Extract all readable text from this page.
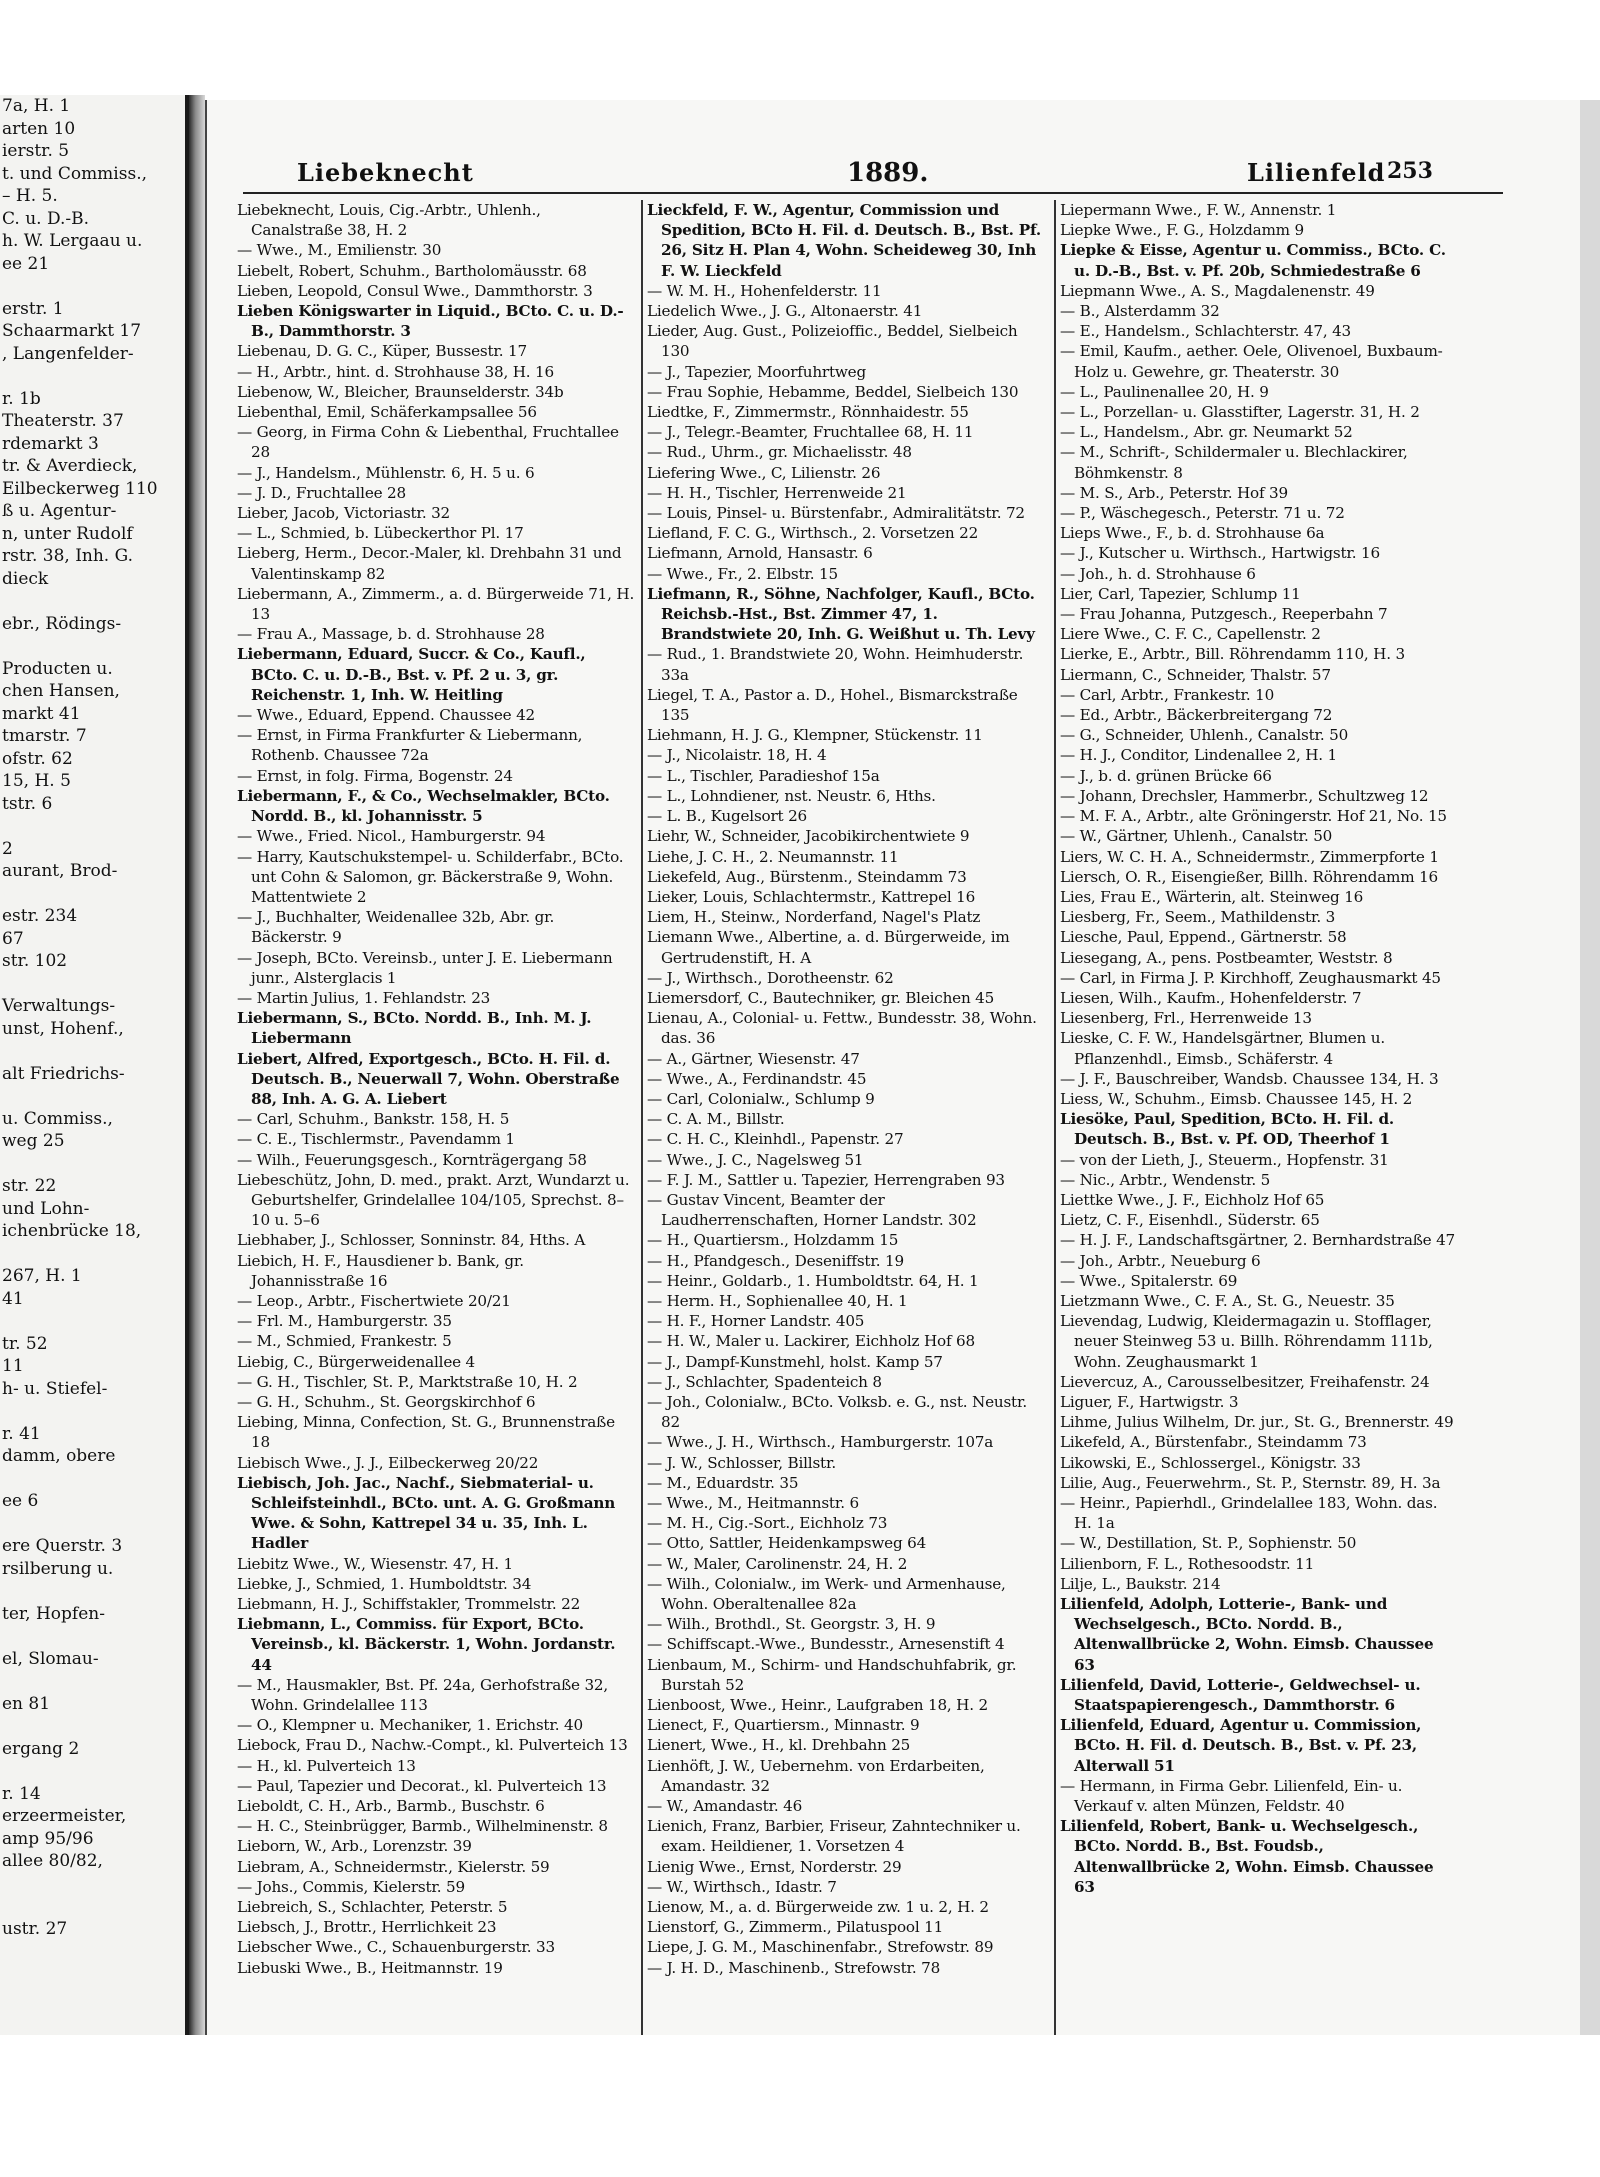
7a, H. 1
arten 10
ierstr. 5
t. und Commiss.,
– H. 5.
C. u. D.-B.
h. W. Lergaau u.
ee 21

erstr. 1
Schaarmarkt 17
, Langenfelder-

r. 1b
Theaterstr. 37
rdemarkt 3
tr. & Averdieck,
Eilbeckerweg 110
ß u. Agentur-
n, unter Rudolf
rstr. 38, Inh. G.
dieck

ebr., Rödings-

Producten u.
chen Hansen,
markt 41
tmarstr. 7
ofstr. 62
15, H. 5
tstr. 6

2
aurant, Brod-

estr. 234
67
str. 102

Verwaltungs-
unst, Hohenf.,

alt Friedrichs-

u. Commiss.,
weg 25

str. 22
und Lohn-
ichenbrücke 18,

267, H. 1
41

tr. 52
11
h- u. Stiefel-

r. 41
damm, obere

ee 6

ere Querstr. 3
rsilberung u.

ter, Hopfen-

el, Slomau-

en 81

ergang 2

r. 14
erzeermeister,
amp 95/96
allee 80/82,

ustr. 27
Liebeknecht	1889.	Lilienfeld 253

Liebeknecht, Louis, Cig.-Arbtr., Uhlenh., Canalstraße 38, H. 2

— Wwe., M., Emilienstr. 30

Liebelt, Robert, Schuhm., Bartholomäusstr. 68

Lieben, Leopold, Consul Wwe., Dammthorstr. 3

Lieben Königswarter in Liquid., BCto. C. u. D.-B., Dammthorstr. 3

Liebenau, D. G. C., Küper, Bussestr. 17

— H., Arbtr., hint. d. Strohhause 38, H. 16

Liebenow, W., Bleicher, Braunselderstr. 34b

Liebenthal, Emil, Schäferkampsallee 56

— Georg, in Firma Cohn & Liebenthal, Fruchtallee 28

— J., Handelsm., Mühlenstr. 6, H. 5 u. 6

— J. D., Fruchtallee 28

Lieber, Jacob, Victoriastr. 32

— L., Schmied, b. Lübeckerthor Pl. 17

Lieberg, Herm., Decor.-Maler, kl. Drehbahn 31 und Valentinskamp 82

Liebermann, A., Zimmerm., a. d. Bürgerweide 71, H. 13

— Frau A., Massage, b. d. Strohhause 28

Liebermann, Eduard, Succr. & Co., Kaufl., BCto. C. u. D.-B., Bst. v. Pf. 2 u. 3, gr. Reichenstr. 1, Inh. W. Heitling

— Wwe., Eduard, Eppend. Chaussee 42

— Ernst, in Firma Frankfurter & Liebermann, Rothenb. Chaussee 72a

— Ernst, in folg. Firma, Bogenstr. 24

Liebermann, F., & Co., Wechselmakler, BCto. Nordd. B., kl. Johannisstr. 5

— Wwe., Fried. Nicol., Hamburgerstr. 94

— Harry, Kautschukstempel- u. Schilderfabr., BCto. unt Cohn & Salomon, gr. Bäckerstraße 9, Wohn. Mattentwiete 2

— J., Buchhalter, Weidenallee 32b, Abr. gr. Bäckerstr. 9

— Joseph, BCto. Vereinsb., unter J. E. Liebermann junr., Alsterglacis 1

— Martin Julius, 1. Fehlandstr. 23

Liebermann, S., BCto. Nordd. B., Inh. M. J. Liebermann

Liebert, Alfred, Exportgesch., BCto. H. Fil. d. Deutsch. B., Neuerwall 7, Wohn. Oberstraße 88, Inh. A. G. A. Liebert

— Carl, Schuhm., Bankstr. 158, H. 5

— C. E., Tischlermstr., Pavendamm 1

— Wilh., Feuerungsgesch., Kornträgergang 58

Liebeschütz, John, D. med., prakt. Arzt, Wundarzt u. Geburtshelfer, Grindelallee 104/105, Sprechst. 8–10 u. 5–6

Liebhaber, J., Schlosser, Sonninstr. 84, Hths. A

Liebich, H. F., Hausdiener b. Bank, gr. Johannisstraße 16

— Leop., Arbtr., Fischertwiete 20/21

— Frl. M., Hamburgerstr. 35

— M., Schmied, Frankestr. 5

Liebig, C., Bürgerweidenallee 4

— G. H., Tischler, St. P., Marktstraße 10, H. 2

— G. H., Schuhm., St. Georgskirchhof 6

Liebing, Minna, Confection, St. G., Brunnenstraße 18

Liebisch Wwe., J. J., Eilbeckerweg 20/22

Liebisch, Joh. Jac., Nachf., Siebmaterial- u. Schleifsteinhdl., BCto. unt. A. G. Großmann Wwe. & Sohn, Kattrepel 34 u. 35, Inh. L. Hadler

Liebitz Wwe., W., Wiesenstr. 47, H. 1

Liebke, J., Schmied, 1. Humboldtstr. 34

Liebmann, H. J., Schiffstakler, Trommelstr. 22

Liebmann, L., Commiss. für Export, BCto. Vereinsb., kl. Bäckerstr. 1, Wohn. Jordanstr. 44

— M., Hausmakler, Bst. Pf. 24a, Gerhofstraße 32, Wohn. Grindelallee 113

— O., Klempner u. Mechaniker, 1. Erichstr. 40

Liebock, Frau D., Nachw.-Compt., kl. Pulverteich 13

— H., kl. Pulverteich 13

— Paul, Tapezier und Decorat., kl. Pulverteich 13

Lieboldt, C. H., Arb., Barmb., Buschstr. 6

— H. C., Steinbrügger, Barmb., Wilhelminenstr. 8

Lieborn, W., Arb., Lorenzstr. 39

Liebram, A., Schneidermstr., Kielerstr. 59

— Johs., Commis, Kielerstr. 59

Liebreich, S., Schlachter, Peterstr. 5

Liebsch, J., Brottr., Herrlichkeit 23

Liebscher Wwe., C., Schauenburgerstr. 33

Liebuski Wwe., B., Heitmannstr. 19

Lieckfeld, F. W., Agentur, Commission und Spedition, BCto H. Fil. d. Deutsch. B., Bst. Pf. 26, Sitz H. Plan 4, Wohn. Scheideweg 30, Inh F. W. Lieckfeld

— W. M. H., Hohenfelderstr. 11

Liedelich Wwe., J. G., Altonaerstr. 41

Lieder, Aug. Gust., Polizeioffic., Beddel, Sielbeich 130

— J., Tapezier, Moorfuhrtweg

— Frau Sophie, Hebamme, Beddel, Sielbeich 130

Liedtke, F., Zimmermstr., Rönnhaidestr. 55

— J., Telegr.-Beamter, Fruchtallee 68, H. 11

— Rud., Uhrm., gr. Michaelisstr. 48

Liefering Wwe., C, Lilienstr. 26

— H. H., Tischler, Herrenweide 21

— Louis, Pinsel- u. Bürstenfabr., Admiralitätstr. 72

Liefland, F. C. G., Wirthsch., 2. Vorsetzen 22

Liefmann, Arnold, Hansastr. 6

— Wwe., Fr., 2. Elbstr. 15

Liefmann, R., Söhne, Nachfolger, Kaufl., BCto. Reichsb.-Hst., Bst. Zimmer 47, 1. Brandstwiete 20, Inh. G. Weißhut u. Th. Levy

— Rud., 1. Brandstwiete 20, Wohn. Heimhuderstr. 33a

Liegel, T. A., Pastor a. D., Hohel., Bismarckstraße 135

Liehmann, H. J. G., Klempner, Stückenstr. 11

— J., Nicolaistr. 18, H. 4

— L., Tischler, Paradieshof 15a

— L., Lohndiener, nst. Neustr. 6, Hths.

— L. B., Kugelsort 26

Liehr, W., Schneider, Jacobikirchentwiete 9

Liehe, J. C. H., 2. Neumannstr. 11

Liekefeld, Aug., Bürstenm., Steindamm 73

Lieker, Louis, Schlachtermstr., Kattrepel 16

Liem, H., Steinw., Norderfand, Nagel's Platz

Liemann Wwe., Albertine, a. d. Bürgerweide, im Gertrudenstift, H. A

— J., Wirthsch., Dorotheenstr. 62

Liemersdorf, C., Bautechniker, gr. Bleichen 45

Lienau, A., Colonial- u. Fettw., Bundesstr. 38, Wohn. das. 36

— A., Gärtner, Wiesenstr. 47

— Wwe., A., Ferdinandstr. 45

— Carl, Colonialw., Schlump 9

— C. A. M., Billstr.

— C. H. C., Kleinhdl., Papenstr. 27

— Wwe., J. C., Nagelsweg 51

— F. J. M., Sattler u. Tapezier, Herrengraben 93

— Gustav Vincent, Beamter der Laudherrenschaften, Horner Landstr. 302

— H., Quartiersm., Holzdamm 15

— H., Pfandgesch., Deseniffstr. 19

— Heinr., Goldarb., 1. Humboldtstr. 64, H. 1

— Herm. H., Sophienallee 40, H. 1

— H. F., Horner Landstr. 405

— H. W., Maler u. Lackirer, Eichholz Hof 68

— J., Dampf-Kunstmehl, holst. Kamp 57

— J., Schlachter, Spadenteich 8

— Joh., Colonialw., BCto. Volksb. e. G., nst. Neustr. 82

— Wwe., J. H., Wirthsch., Hamburgerstr. 107a

— J. W., Schlosser, Billstr.

— M., Eduardstr. 35

— Wwe., M., Heitmannstr. 6

— M. H., Cig.-Sort., Eichholz 73

— Otto, Sattler, Heidenkampsweg 64

— W., Maler, Carolinenstr. 24, H. 2

— Wilh., Colonialw., im Werk- und Armenhause, Wohn. Oberaltenallee 82a

— Wilh., Brothdl., St. Georgstr. 3, H. 9

— Schiffscapt.-Wwe., Bundesstr., Arnesenstift 4

Lienbaum, M., Schirm- und Handschuhfabrik, gr. Burstah 52

Lienboost, Wwe., Heinr., Laufgraben 18, H. 2

Lienect, F., Quartiersm., Minnastr. 9

Lienert, Wwe., H., kl. Drehbahn 25

Lienhöft, J. W., Uebernehm. von Erdarbeiten, Amandastr. 32

— W., Amandastr. 46

Lienich, Franz, Barbier, Friseur, Zahntechniker u. exam. Heildiener, 1. Vorsetzen 4

Lienig Wwe., Ernst, Norderstr. 29

— W., Wirthsch., Idastr. 7

Lienow, M., a. d. Bürgerweide zw. 1 u. 2, H. 2

Lienstorf, G., Zimmerm., Pilatuspool 11

Liepe, J. G. M., Maschinenfabr., Strefowstr. 89

— J. H. D., Maschinenb., Strefowstr. 78

Liepermann Wwe., F. W., Annenstr. 1

Liepke Wwe., F. G., Holzdamm 9

Liepke & Eisse, Agentur u. Commiss., BCto. C. u. D.-B., Bst. v. Pf. 20b, Schmiedestraße 6

Liepmann Wwe., A. S., Magdalenenstr. 49

— B., Alsterdamm 32

— E., Handelsm., Schlachterstr. 47, 43

— Emil, Kaufm., aether. Oele, Olivenoel, Buxbaum-Holz u. Gewehre, gr. Theaterstr. 30

— L., Paulinenallee 20, H. 9

— L., Porzellan- u. Glasstifter, Lagerstr. 31, H. 2

— L., Handelsm., Abr. gr. Neumarkt 52

— M., Schrift-, Schildermaler u. Blechlackirer, Böhmkenstr. 8

— M. S., Arb., Peterstr. Hof 39

— P., Wäschegesch., Peterstr. 71 u. 72

Lieps Wwe., F., b. d. Strohhause 6a

— J., Kutscher u. Wirthsch., Hartwigstr. 16

— Joh., h. d. Strohhause 6

Lier, Carl, Tapezier, Schlump 11

— Frau Johanna, Putzgesch., Reeperbahn 7

Liere Wwe., C. F. C., Capellenstr. 2

Lierke, E., Arbtr., Bill. Röhrendamm 110, H. 3

Liermann, C., Schneider, Thalstr. 57

— Carl, Arbtr., Frankestr. 10

— Ed., Arbtr., Bäckerbreitergang 72

— G., Schneider, Uhlenh., Canalstr. 50

— H. J., Conditor, Lindenallee 2, H. 1

— J., b. d. grünen Brücke 66

— Johann, Drechsler, Hammerbr., Schultzweg 12

— M. F. A., Arbtr., alte Gröningerstr. Hof 21, No. 15

— W., Gärtner, Uhlenh., Canalstr. 50

Liers, W. C. H. A., Schneidermstr., Zimmerpforte 1

Liersch, O. R., Eisengießer, Billh. Röhrendamm 16

Lies, Frau E., Wärterin, alt. Steinweg 16

Liesberg, Fr., Seem., Mathildenstr. 3

Liesche, Paul, Eppend., Gärtnerstr. 58

Liesegang, A., pens. Postbeamter, Weststr. 8

— Carl, in Firma J. P. Kirchhoff, Zeughausmarkt 45

Liesen, Wilh., Kaufm., Hohenfelderstr. 7

Liesenberg, Frl., Herrenweide 13

Lieske, C. F. W., Handelsgärtner, Blumen u. Pflanzenhdl., Eimsb., Schäferstr. 4

— J. F., Bauschreiber, Wandsb. Chaussee 134, H. 3

Liess, W., Schuhm., Eimsb. Chaussee 145, H. 2

Liesöke, Paul, Spedition, BCto. H. Fil. d. Deutsch. B., Bst. v. Pf. OD, Theerhof 1

— von der Lieth, J., Steuerm., Hopfenstr. 31

— Nic., Arbtr., Wendenstr. 5

Liettke Wwe., J. F., Eichholz Hof 65

Lietz, C. F., Eisenhdl., Süderstr. 65

— H. J. F., Landschaftsgärtner, 2. Bernhardstraße 47

— Joh., Arbtr., Neueburg 6

— Wwe., Spitalerstr. 69

Lietzmann Wwe., C. F. A., St. G., Neuestr. 35

Lievendag, Ludwig, Kleidermagazin u. Stofflager, neuer Steinweg 53 u. Billh. Röhrendamm 111b, Wohn. Zeughausmarkt 1

Lievercuz, A., Carousselbesitzer, Freihafenstr. 24

Liguer, F., Hartwigstr. 3

Lihme, Julius Wilhelm, Dr. jur., St. G., Brennerstr. 49

Likefeld, A., Bürstenfabr., Steindamm 73

Likowski, E., Schlossergel., Königstr. 33

Lilie, Aug., Feuerwehrm., St. P., Sternstr. 89, H. 3a

— Heinr., Papierhdl., Grindelallee 183, Wohn. das. H. 1a

— W., Destillation, St. P., Sophienstr. 50

Lilienborn, F. L., Rothesoodstr. 11

Lilje, L., Baukstr. 214

Lilienfeld, Adolph, Lotterie-, Bank- und Wechselgesch., BCto. Nordd. B., Altenwallbrücke 2, Wohn. Eimsb. Chaussee 63

Lilienfeld, David, Lotterie-, Geldwechsel- u. Staatspapierengesch., Dammthorstr. 6

Lilienfeld, Eduard, Agentur u. Commission, BCto. H. Fil. d. Deutsch. B., Bst. v. Pf. 23, Alterwall 51

— Hermann, in Firma Gebr. Lilienfeld, Ein- u. Verkauf v. alten Münzen, Feldstr. 40

Lilienfeld, Robert, Bank- u. Wechselgesch., BCto. Nordd. B., Bst. Foudsb., Altenwallbrücke 2, Wohn. Eimsb. Chaussee 63
